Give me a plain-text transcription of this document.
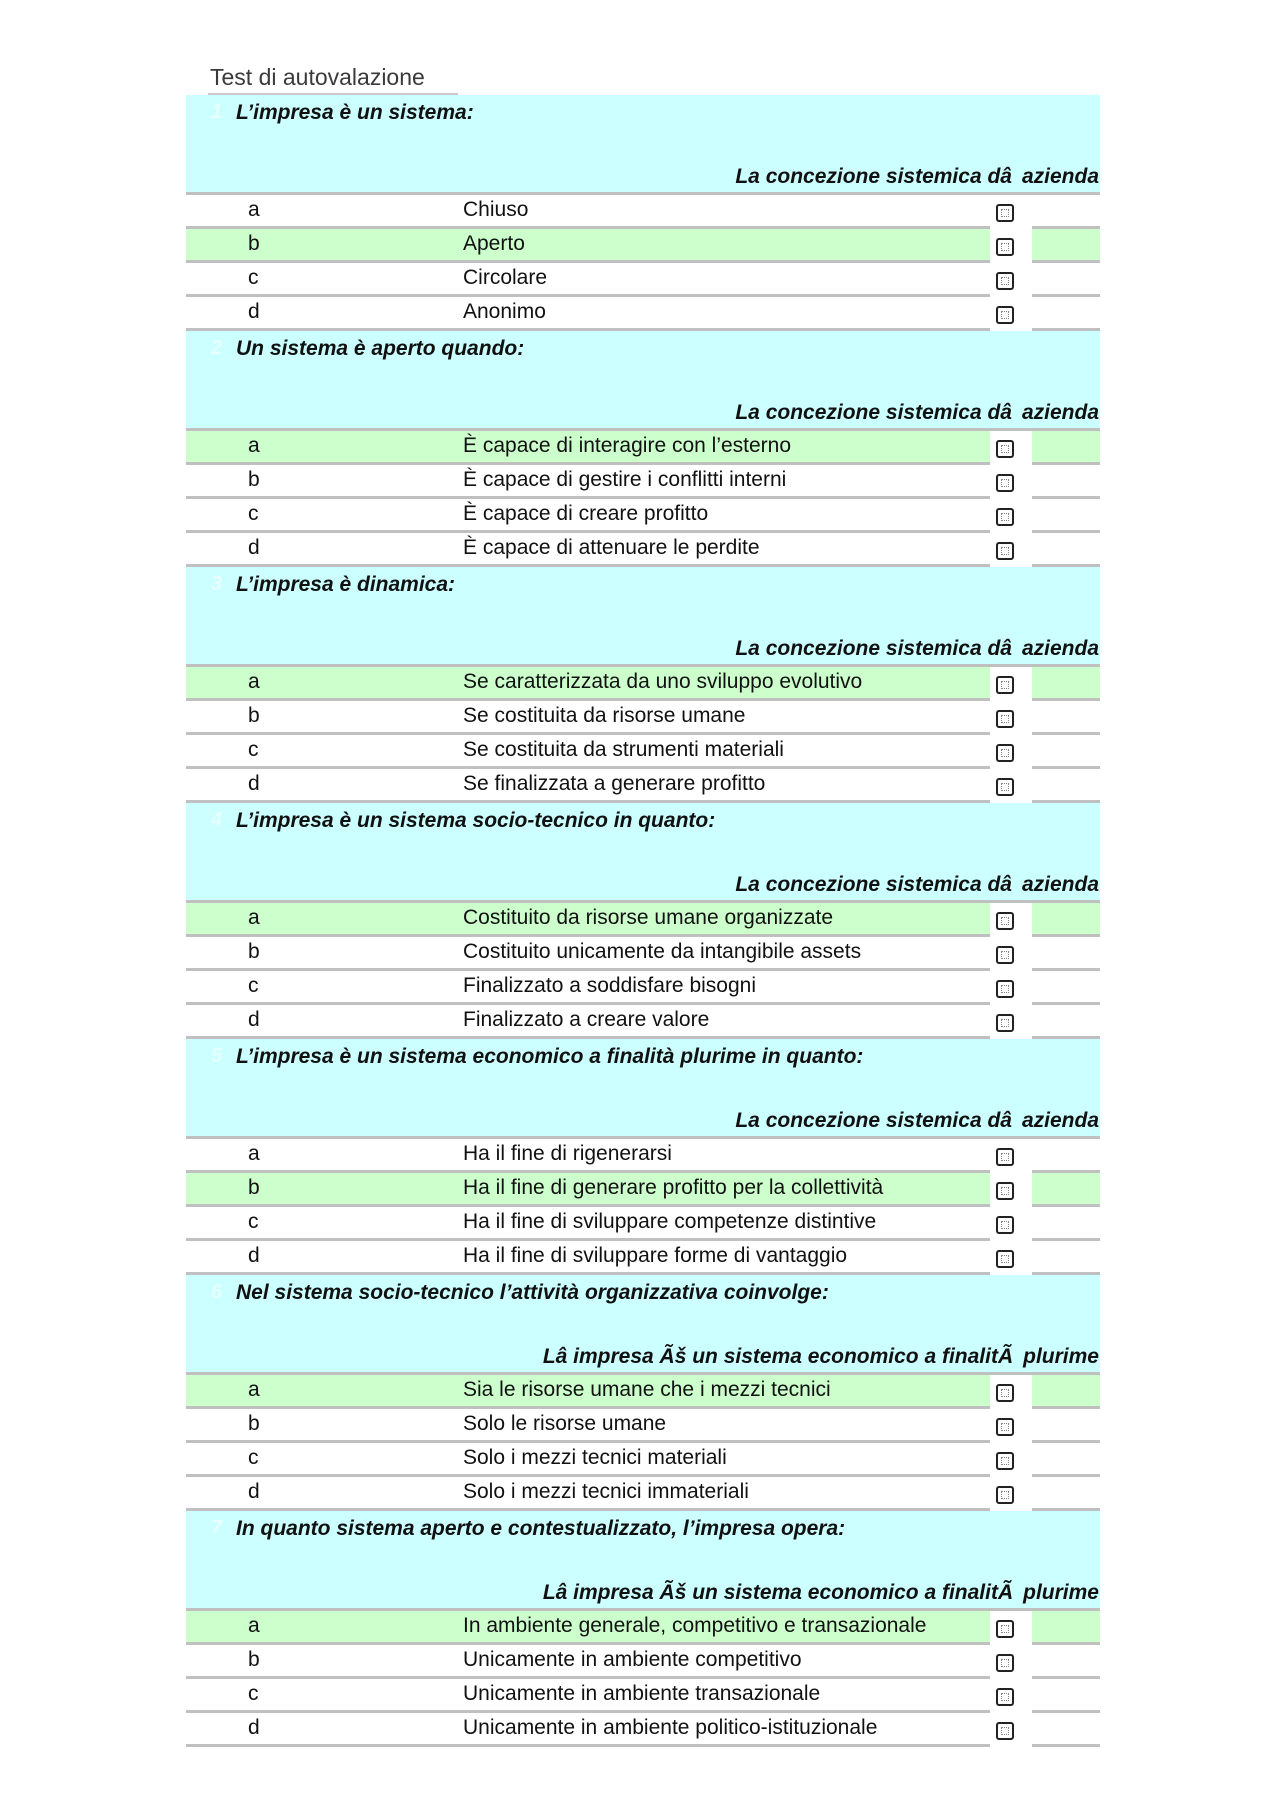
Test di autovalazione
1 L’impresa è un sistema:
La concezione sistemica dâ azienda
a	Chiuso
b	Aperto
c	Circolare
d	Anonimo
2 Un sistema è aperto quando:
La concezione sistemica dâ azienda
a	È capace di interagire con l’esterno
b	È capace di gestire i conflitti interni
c	È capace di creare profitto
d	È capace di attenuare le perdite
3 L’impresa è dinamica:
La concezione sistemica dâ azienda
a	Se caratterizzata da uno sviluppo evolutivo
b	Se costituita da risorse umane
c	Se costituita da strumenti materiali
d	Se finalizzata a generare profitto
4 L’impresa è un sistema socio-tecnico in quanto:
La concezione sistemica dâ azienda
a	Costituito da risorse umane organizzate
b	Costituito unicamente da intangibile assets
c	Finalizzato a soddisfare bisogni
d	Finalizzato a creare valore
5 L’impresa è un sistema economico a finalità plurime in quanto:
La concezione sistemica dâ azienda
a	Ha il fine di rigenerarsi
b	Ha il fine di generare profitto per la collettività
c	Ha il fine di sviluppare competenze distintive
d	Ha il fine di sviluppare forme di vantaggio
6 Nel sistema socio-tecnico l’attività organizzativa coinvolge:
Lâ impresa Ãš un sistema economico a finalitÃ plurime
a	Sia le risorse umane che i mezzi tecnici
b	Solo le risorse umane
c	Solo i mezzi tecnici materiali
d	Solo i mezzi tecnici immateriali
7 In quanto sistema aperto e contestualizzato, l’impresa opera:
Lâ impresa Ãš un sistema economico a finalitÃ plurime
a	In ambiente generale, competitivo e transazionale
b	Unicamente in ambiente competitivo
c	Unicamente in ambiente transazionale
d	Unicamente in ambiente politico-istituzionale
